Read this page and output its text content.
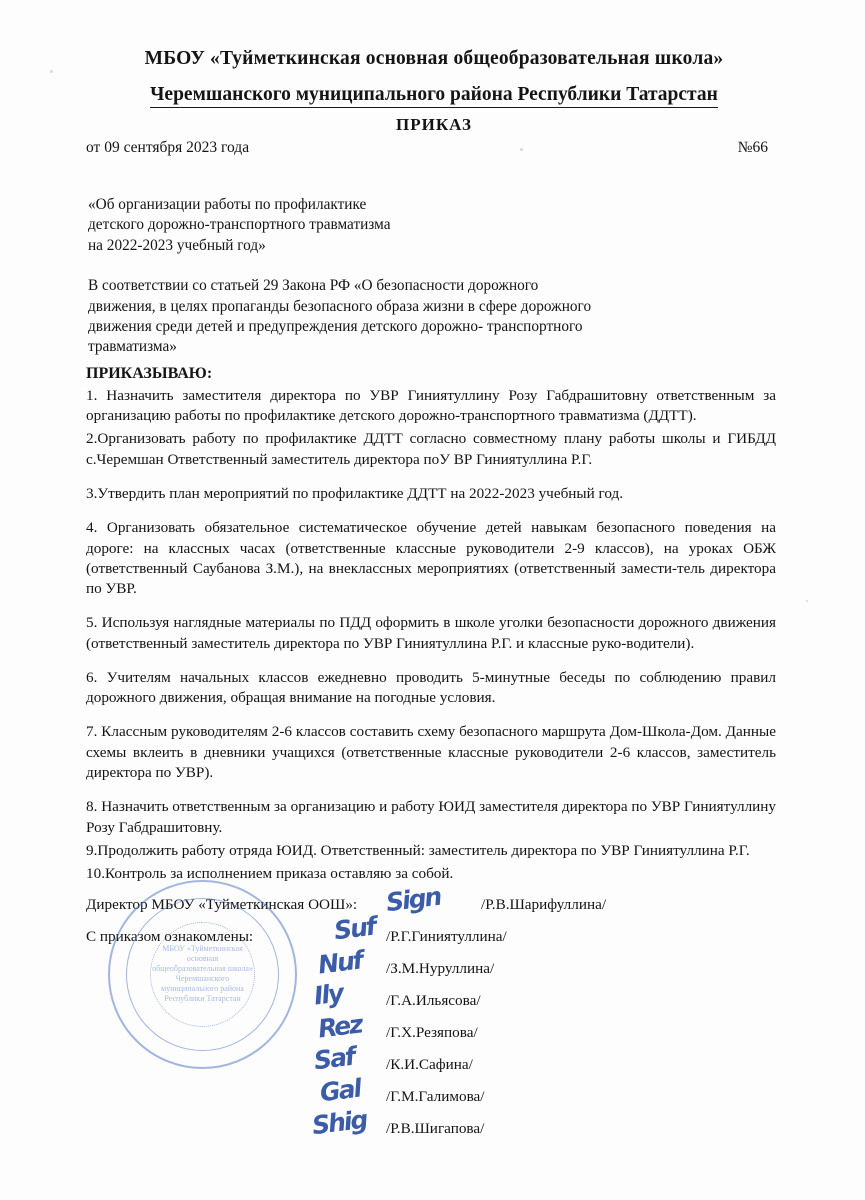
МБОУ «Туйметкинская основная общеобразовательная школа»
Черемшанского муниципального района Республики Татарстан
ПРИКАЗ
от 09 сентября 2023 года	№66
«Об организации работы по профилактике
детского дорожно-транспортного травматизма
на 2022-2023 учебный год»
В соответствии со статьей 29 Закона РФ «О безопасности дорожного
движения, в целях пропаганды безопасного образа жизни в сфере дорожного
движения среди детей и предупреждения детского дорожно- транспортного
травматизма»
ПРИКАЗЫВАЮ:
1. Назначить заместителя директора по УВР Гиниятуллину Розу Габдрашитовну ответственным за организацию работы по профилактике детского дорожно-транспортного травматизма (ДДТТ).
2.Организовать работу по профилактике ДДТТ согласно совместному плану работы школы и ГИБДД с.Черемшан Ответственный заместитель директора поУ ВР Гиниятуллина Р.Г.
3.Утвердить план мероприятий по профилактике ДДТТ на 2022-2023 учебный год.
4. Организовать обязательное систематическое обучение детей навыкам безопасного поведения на дороге: на классных часах (ответственные классные руководители 2-9 классов), на уроках ОБЖ (ответственный Саубанова З.М.), на внеклассных мероприятиях (ответственный замести-тель директора по УВР.
5. Используя наглядные материалы по ПДД оформить в школе уголки безопасности дорожного движения (ответственный заместитель директора по УВР Гиниятуллина Р.Г. и классные руко-водители).
6. Учителям начальных классов ежедневно проводить 5-минутные беседы по соблюдению правил дорожного движения, обращая внимание на погодные условия.
7. Классным руководителям 2-6 классов составить схему безопасного маршрута Дом-Школа-Дом. Данные схемы вклеить в дневники учащихся (ответственные классные руководители 2-6 классов, заместитель директора по УВР).
8. Назначить ответственным за организацию и работу ЮИД заместителя директора по УВР Гиниятуллину Розу Габдрашитовну.
9.Продолжить работу отряда ЮИД. Ответственный: заместитель директора по УВР Гиниятуллина Р.Г.
10.Контроль за исполнением приказа оставляю за собой.
Директор МБОУ «Туйметкинская ООШ»: Sign	/Р.В.Шарифуллина/
С приказом ознакомлены:	Suf /Р.Г.Гиниятуллина/
Nuf /З.М.Нуруллина/
Ily	/Г.А.Ильясова/
Rez /Г.Х.Резяпова/
Saf /К.И.Сафина/
Gal /Г.М.Галимова/
Shig /Р.В.Шигапова/
МБОУ «Туйметкинская основная общеобразовательная школа» Черемшанского муниципального района Республики Татарстан
